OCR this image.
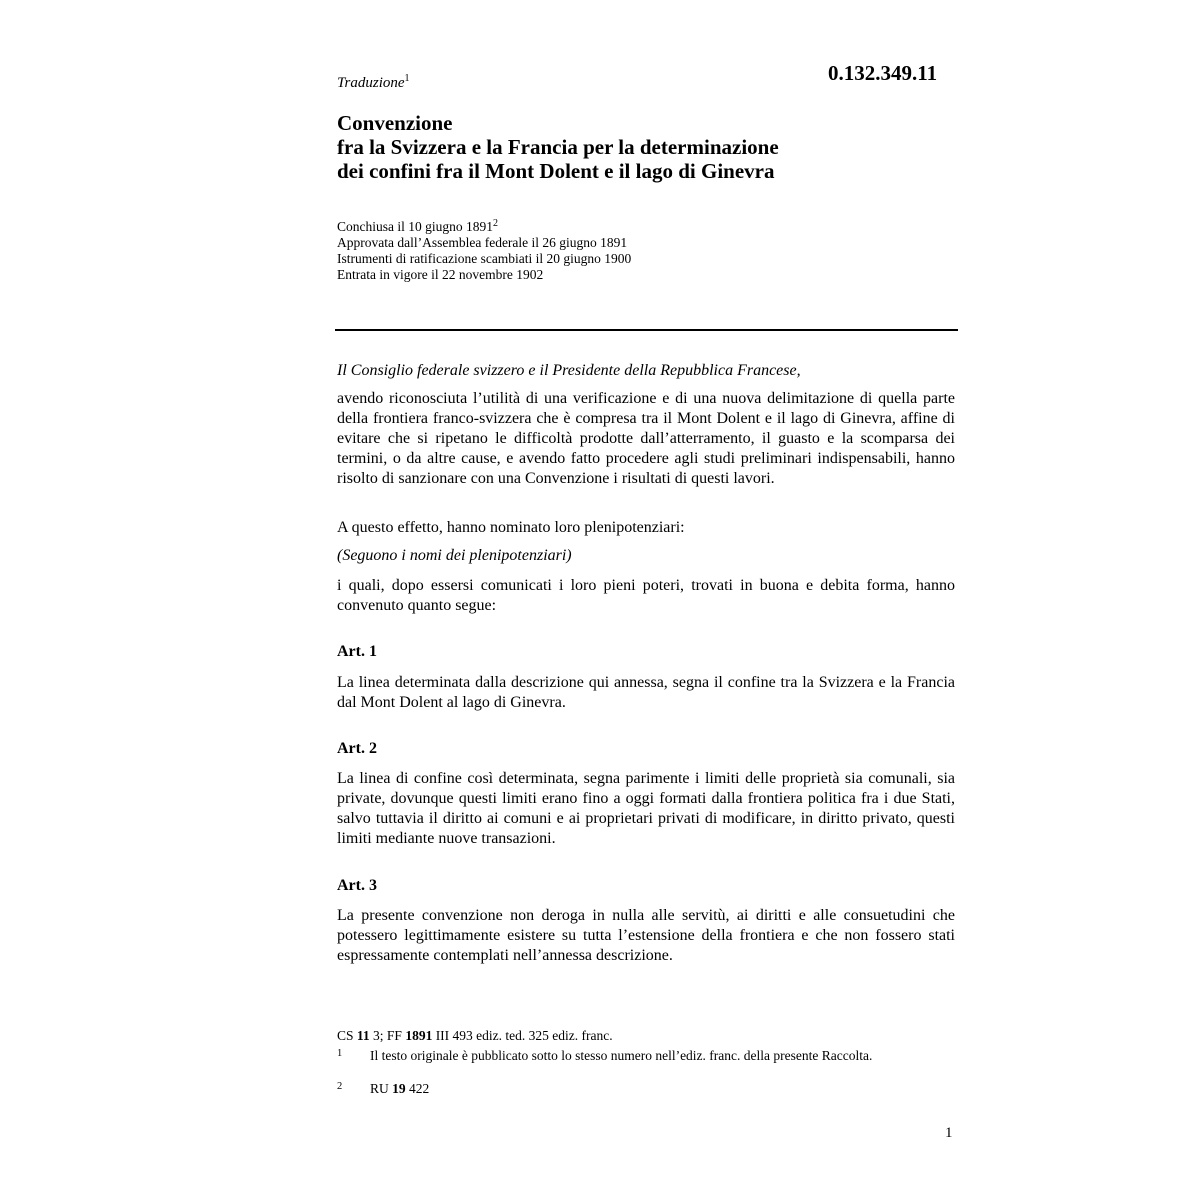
Traduzione$^1$	0.132.349.11
Convenzione
fra la Svizzera e la Francia per la determinazione
dei confini fra il Mont Dolent e il lago di Ginevra
Conchiusa il 10 giugno 1891$^2$
Approvata dall’Assemblea federale il 26 giugno 1891
Istrumenti di ratificazione scambiati il 20 giugno 1900
Entrata in vigore il 22 novembre 1902
Il Consiglio federale svizzero e il Presidente della Repubblica Francese,
avendo riconosciuta l’utilità di una verificazione e di una nuova delimitazione di quella parte della frontiera franco-svizzera che è compresa tra il Mont Dolent e il lago di Ginevra, affine di evitare che si ripetano le difficoltà prodotte dall’atterramento, il guasto e la scomparsa dei termini, o da altre cause, e avendo fatto procedere agli studi preliminari indispensabili, hanno risolto di sanzionare con una Convenzione i risultati di questi lavori.
A questo effetto, hanno nominato loro plenipotenziari:
(Seguono i nomi dei plenipotenziari)
i quali, dopo essersi comunicati i loro pieni poteri, trovati in buona e debita forma, hanno convenuto quanto segue:
Art. 1
La linea determinata dalla descrizione qui annessa, segna il confine tra la Svizzera e la Francia dal Mont Dolent al lago di Ginevra.
Art. 2
La linea di confine così determinata, segna parimente i limiti delle proprietà sia comunali, sia private, dovunque questi limiti erano fino a oggi formati dalla frontiera politica fra i due Stati, salvo tuttavia il diritto ai comuni e ai proprietari privati di modificare, in diritto privato, questi limiti mediante nuove transazioni.
Art. 3
La presente convenzione non deroga in nulla alle servitù, ai diritti e alle consuetudini che potessero legittimamente esistere su tutta l’estensione della frontiera e che non fossero stati espressamente contemplati nell’annessa descrizione.
CS 11 3; FF 1891 III 493 ediz. ted. 325 ediz. franc.
1 Il testo originale è pubblicato sotto lo stesso numero nell’ediz. franc. della presente Raccolta.
2 RU 19 422
1
